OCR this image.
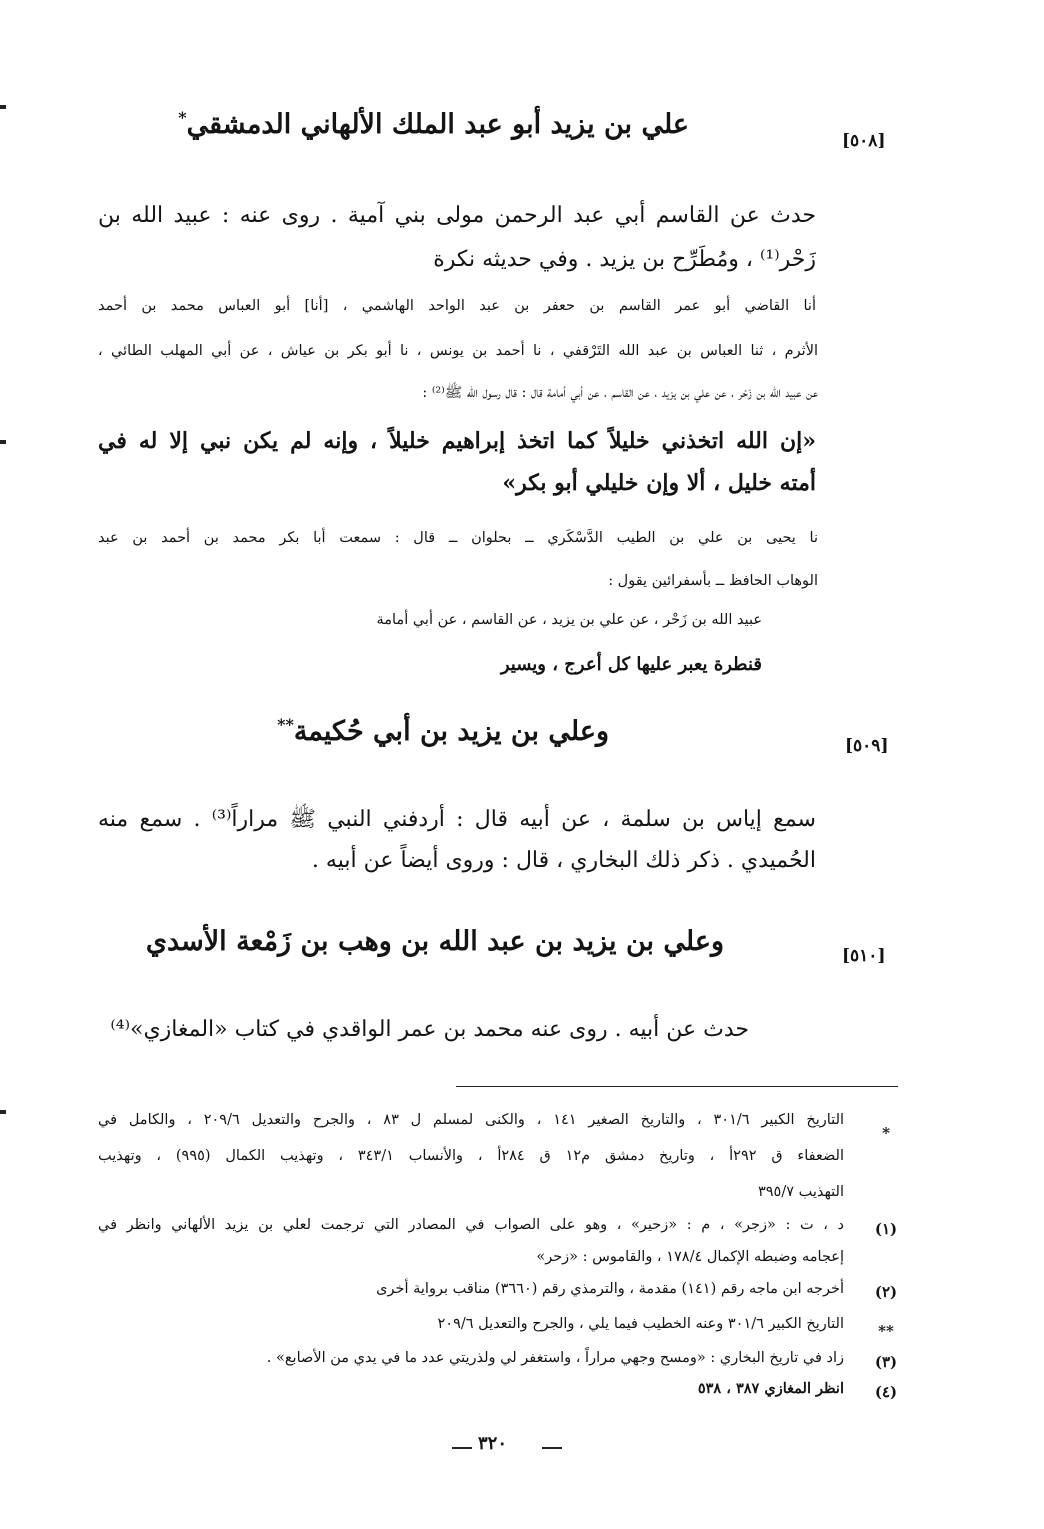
[٥٠٨]
علي بن يزيد أبو عبد الملك الألهاني الدمشقي*
حدث عن القاسم أبي عبد الرحمن مولى بني آمية . روى عنه : عبيد الله بن
زَحْر⁽¹⁾ ، ومُطَرِّح بن يزيد . وفي حديثه نكرة
أنا القاضي أبو عمر القاسم بن حعفر بن عبد الواحد الهاشمي ، [أنا] أبو العباس محمد بن أحمد
الأثرم ، ثنا العباس بن عبد الله التَرْقفي ، نا أحمد بن يونس ، نا أبو بكر بن عياش ، عن أبي المهلب الطائي ،
عن عبيد الله بن زَحْر ، عن علي بن يزيد ، عن القاسم ، عن أبي أمامة قال : قال رسول الله ﷺ⁽²⁾ :
«إن الله اتخذني خليلاً كما اتخذ إبراهيم خليلاً ، وإنه لم يكن نبي إلا له في
أمته خليل ، ألا وإن خليلي أبو بكر»
نا يحيى بن علي بن الطيب الدَّسْكَري ــ بحلوان ــ قال : سمعت أبا بكر محمد بن أحمد بن عبد
الوهاب الحافظ ــ بأسفرائين يقول :
عبيد الله بن زَحْر ، عن علي بن يزيد ، عن القاسم ، عن أبي أمامة
قنطرة يعبر عليها كل أعرج ، ويسير
[٥٠٩]
وعلي بن يزيد بن أبي حُكيمة**
سمع إياس بن سلمة ، عن أبيه قال : أردفني النبي ﷺ مراراً⁽³⁾ . سمع منه
الحُميدي . ذكر ذلك البخاري ، قال : وروى أيضاً عن أبيه .
[٥١٠]
وعلي بن يزيد بن عبد الله بن وهب بن زَمْعة الأسدي
حدث عن أبيه . روى عنه محمد بن عمر الواقدي في كتاب «المغازي»⁽⁴⁾
*
التاريخ الكبير ٣٠١/٦ ، والتاريخ الصغير ١٤١ ، والكنى لمسلم ل ٨٣ ، والجرح والتعديل ٢٠٩/٦ ، والكامل في
الضعفاء ق ٢٩٢أ ، وتاريخ دمشق م١٢ ق ٢٨٤أ ، والأنساب ٣٤٣/١ ، وتهذيب الكمال (٩٩٥) ، وتهذيب
التهذيب ٣٩٥/٧
(١)
د ، ت : «زجر» ، م : «زحير» ، وهو على الصواب في المصادر التي ترجمت لعلي بن يزيد الألهاني وانظر في
إعجامه وضبطه الإكمال ١٧٨/٤ ، والقاموس : «زحر»
(٢)
أخرجه ابن ماجه رقم (١٤١) مقدمة ، والترمذي رقم (٣٦٦٠) مناقب برواية أخرى
**
التاريخ الكبير ٣٠١/٦ وعنه الخطيب فيما يلي ، والجرح والتعديل ٢٠٩/٦
(٣)
زاد في تاريخ البخاري : «ومسح وجهي مراراً ، واستغفر لي ولذريتي عدد ما في يدي من الأصابع» .
(٤)
انظر المغازي ٣٨٧ ، ٥٣٨
٣٢٠
